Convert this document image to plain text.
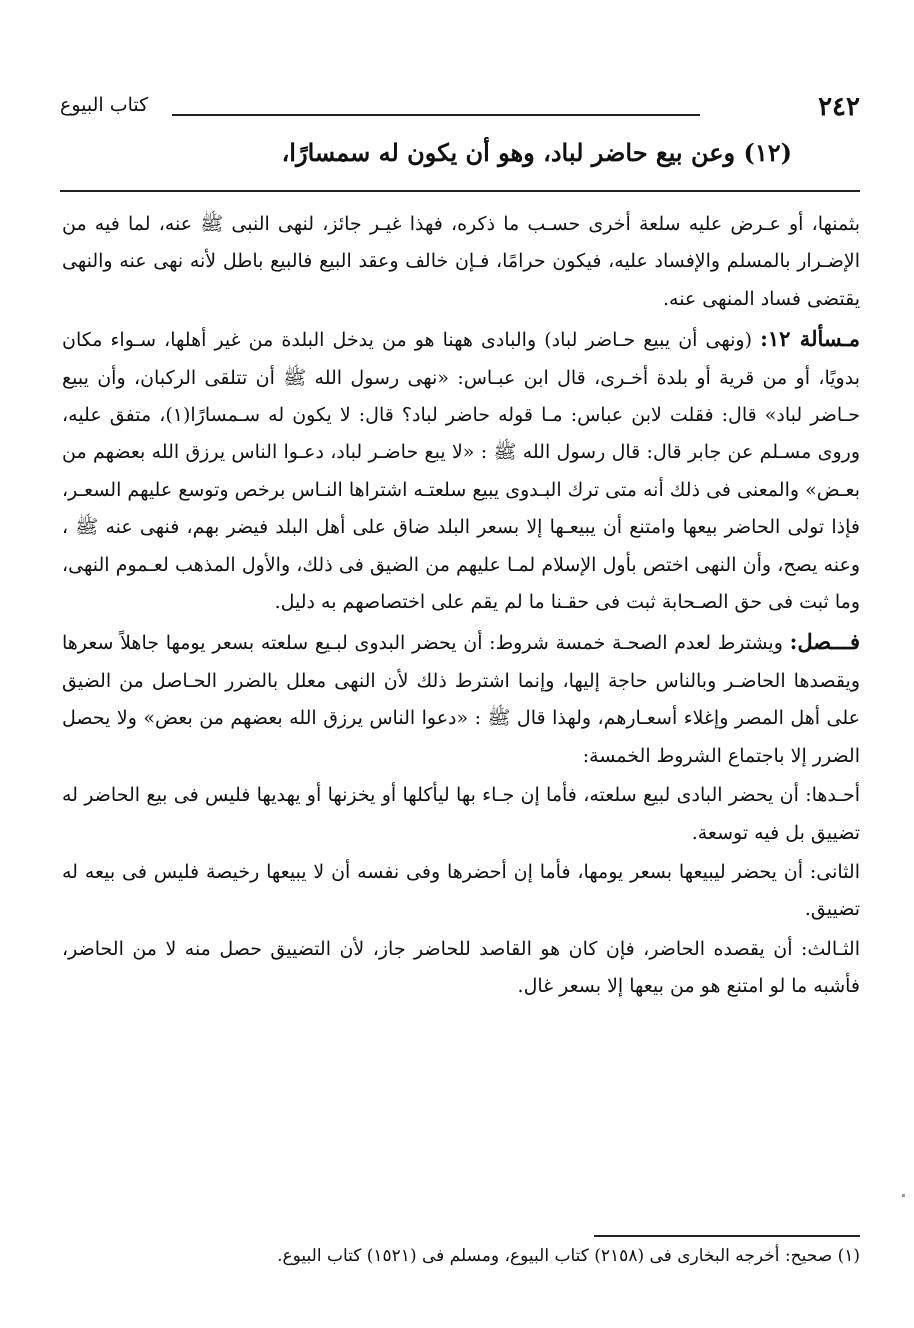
٢٤٢
كتاب البيوع
(١٢) وعن بيع حاضر لباد، وهو أن يكون له سمسارًا،

بثمنها، أو عـرض عليه سلعة أخرى حسـب ما ذكره، فهذا غيـر جائز، لنهى النبى ﷺ عنه، لما فيه من الإضـرار بالمسلم والإفساد عليه، فيكون حرامًا، فـإن خالف وعقد البيع فالبيع باطل لأنه نهى عنه والنهى يقتضى فساد المنهى عنه.

مـسألة ١٢: (ونهى أن يبيع حـاضر لباد) والبادى ههنا هو من يدخل البلدة من غير أهلها، سـواء مكان بدويًا، أو من قرية أو بلدة أخـرى، قال ابن عبـاس: «نهى رسول الله ﷺ أن تتلقى الركبان، وأن يبيع حـاضر لباد» قال: فقلت لابن عباس: مـا قوله حاضر لباد؟ قال: لا يكون له سـمسارًا(١)، متفق عليه، وروى مسـلم عن جابر قال: قال رسول الله ﷺ : «لا يبع حاضـر لباد، دعـوا الناس يرزق الله بعضهم من بعـض» والمعنى فى ذلك أنه متى ترك البـدوى يبيع سلعتـه اشتراها النـاس برخص وتوسع عليهم السعـر، فإذا تولى الحاضر بيعها وامتنع أن يبيعـها إلا بسعر البلد ضاق على أهل البلد فيضر بهم، فنهى عنه ﷺ ، وعنه يصح، وأن النهى اختص بأول الإسلام لمـا عليهم من الضيق فى ذلك، والأول المذهب لعـموم النهى، وما ثبت فى حق الصـحابة ثبت فى حقـنا ما لم يقم على اختصاصهم به دليل.

فـــصل: ويشترط لعدم الصحـة خمسة شروط: أن يحضر البدوى لبـيع سلعته بسعر يومها جاهلاً سعرها ويقصدها الحاضـر وبالناس حاجة إليها، وإنما اشترط ذلك لأن النهى معلل بالضرر الحـاصل من الضيق على أهل المصر وإغلاء أسعـارهم، ولهذا قال ﷺ : «دعوا الناس يرزق الله بعضهم من بعض» ولا يحصل الضرر إلا باجتماع الشروط الخمسة:

أحـدها: أن يحضر البادى لبيع سلعته، فأما إن جـاء بها ليأكلها أو يخزنها أو يهديها فليس فى بيع الحاضر له تضييق بل فيه توسعة.

الثانى: أن يحضر ليبيعها بسعر يومها، فأما إن أحضرها وفى نفسه أن لا يبيعها رخيصة فليس فى بيعه له تضييق.

الثـالث: أن يقصده الحاضر، فإن كان هو القاصد للحاضر جاز، لأن التضييق حصل منه لا من الحاضر، فأشبه ما لو امتنع هو من بيعها إلا بسعر غال.

(١) صحيح: أخرجه البخارى فى (٢١٥٨) كتاب البيوع، ومسلم فى (١٥٢١) كتاب البيوع.
